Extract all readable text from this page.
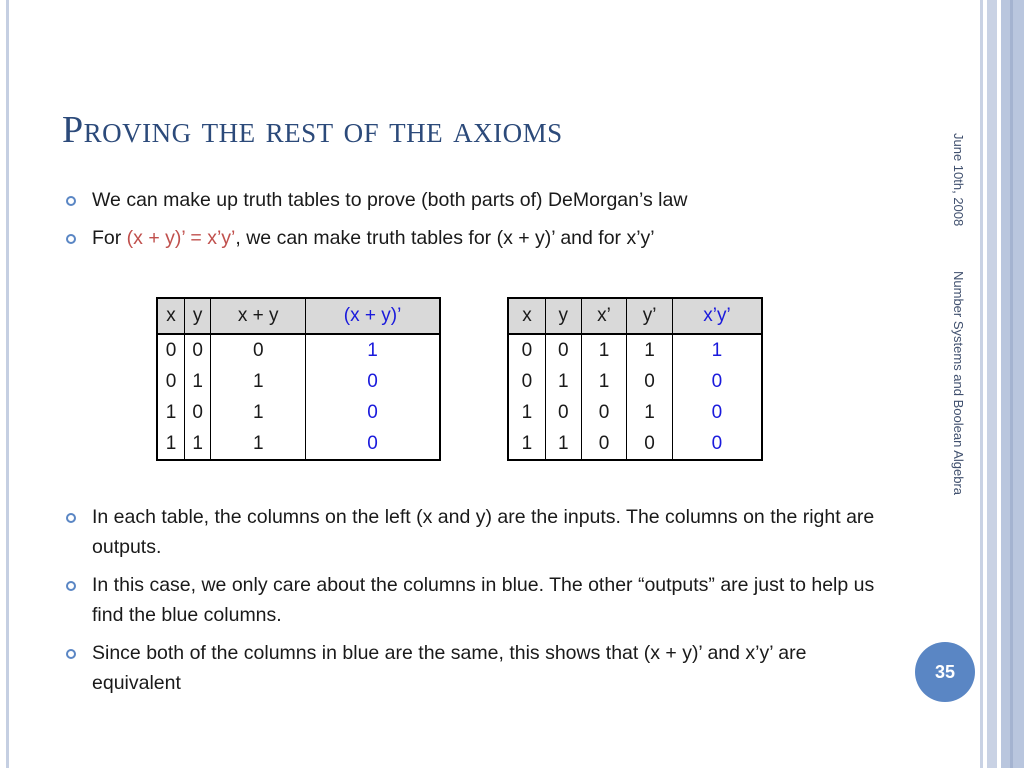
Proving the rest of the axioms
June 10th, 2008
Number Systems and Boolean Algebra
We can make up truth tables to prove (both parts of) DeMorgan’s law
For (x + y)’ = x’y’, we can make truth tables for (x + y)’ and for x’y’
x	y	x + y	(x + y)’
0	0	0	1
0	1	1	0
1	0	1	0
1	1	1	0
x	y	x’	y’	x’y’
0	0	1	1	1
0	1	1	0	0
1	0	0	1	0
1	1	0	0	0
In each table, the columns on the left (x and y) are the inputs. The columns on the right are outputs.
In this case, we only care about the columns in blue. The other “outputs” are just to help us find the blue columns.
Since both of the columns in blue are the same, this shows that (x + y)’ and x’y’ are equivalent
35
